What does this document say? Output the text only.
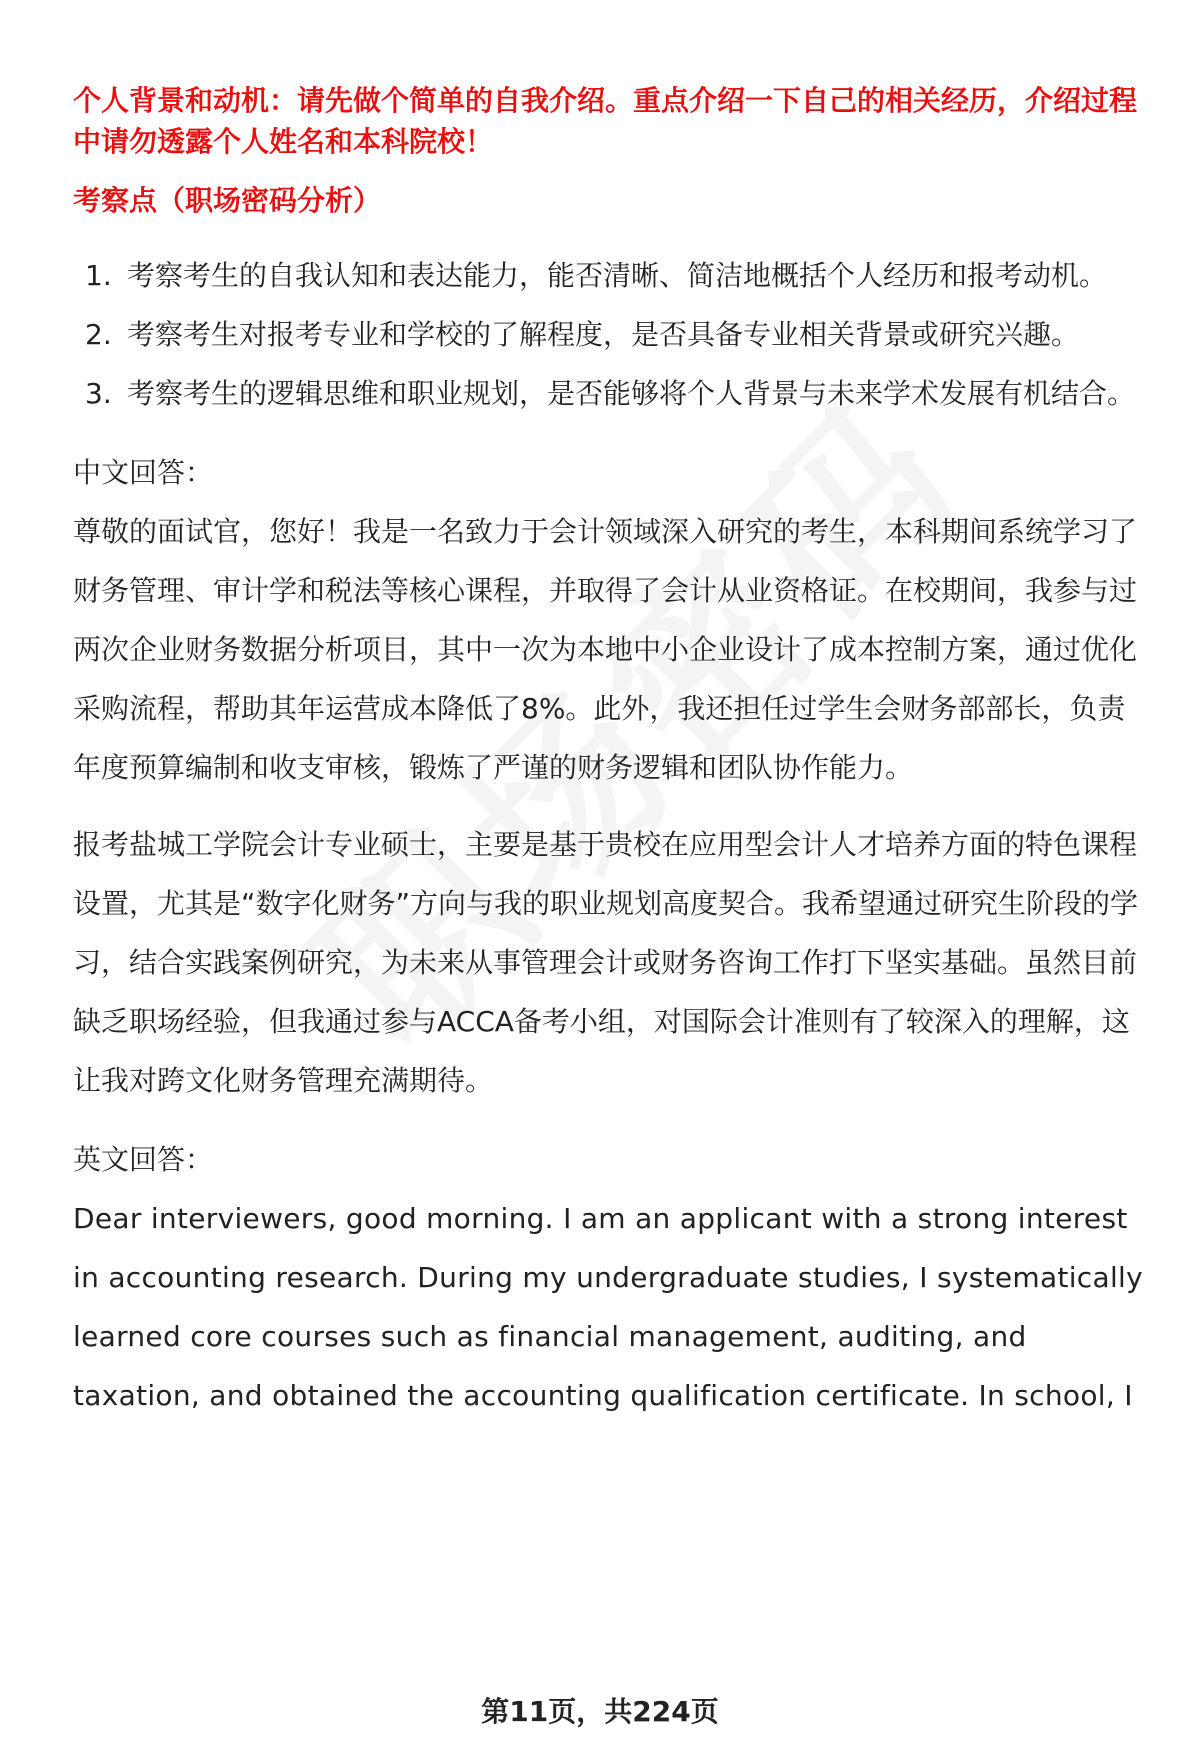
个人背景和动机：请先做个简单的自我介绍。重点介绍一下自己的相关经历，介绍过程中请勿透露个人姓名和本科院校！

考察点（职场密码分析）

1. 考察考生的自我认知和表达能力，能否清晰、简洁地概括个人经历和报考动机。
2. 考察考生对报考专业和学校的了解程度，是否具备专业相关背景或研究兴趣。
3. 考察考生的逻辑思维和职业规划，是否能够将个人背景与未来学术发展有机结合。

中文回答：

尊敬的面试官，您好！我是一名致力于会计领域深入研究的考生，本科期间系统学习了财务管理、审计学和税法等核心课程，并取得了会计从业资格证。在校期间，我参与过两次企业财务数据分析项目，其中一次为本地中小企业设计了成本控制方案，通过优化采购流程，帮助其年运营成本降低了8%。此外，我还担任过学生会财务部部长，负责年度预算编制和收支审核，锻炼了严谨的财务逻辑和团队协作能力。

报考盐城工学院会计专业硕士，主要是基于贵校在应用型会计人才培养方面的特色课程设置，尤其是“数字化财务”方向与我的职业规划高度契合。我希望通过研究生阶段的学习，结合实践案例研究，为未来从事管理会计或财务咨询工作打下坚实基础。虽然目前缺乏职场经验，但我通过参与ACCA备考小组，对国际会计准则有了较深入的理解，这让我对跨文化财务管理充满期待。

英文回答：

Dear interviewers, good morning. I am an applicant with a strong interest in accounting research. During my undergraduate studies, I systematically learned core courses such as financial management, auditing, and taxation, and obtained the accounting qualification certificate. In school, I

第11页，共224页
